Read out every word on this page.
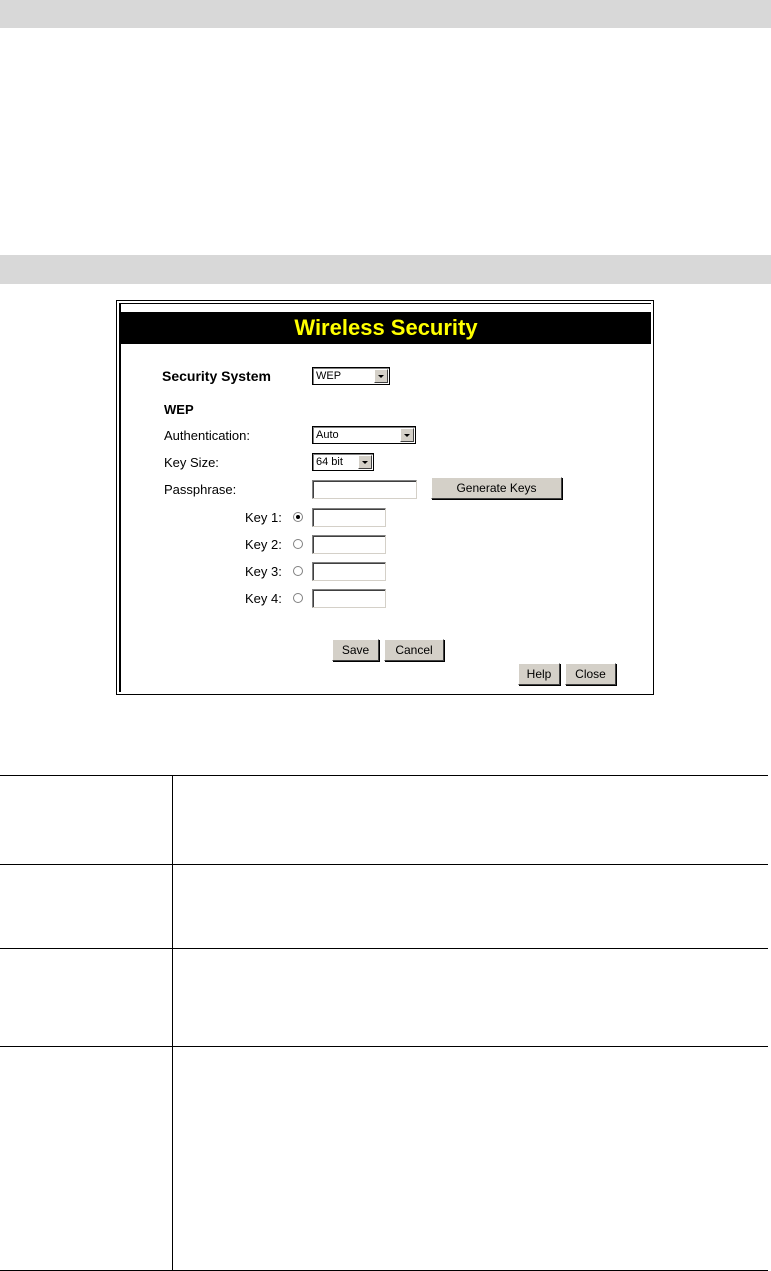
Wireless Security
Security System	WEP
WEP
Authentication:	Auto
Key Size:	64 bit
Passphrase:	Generate Keys
Key 1:
Key 2:
Key 3:
Key 4:
Save	Cancel
Help	Close
